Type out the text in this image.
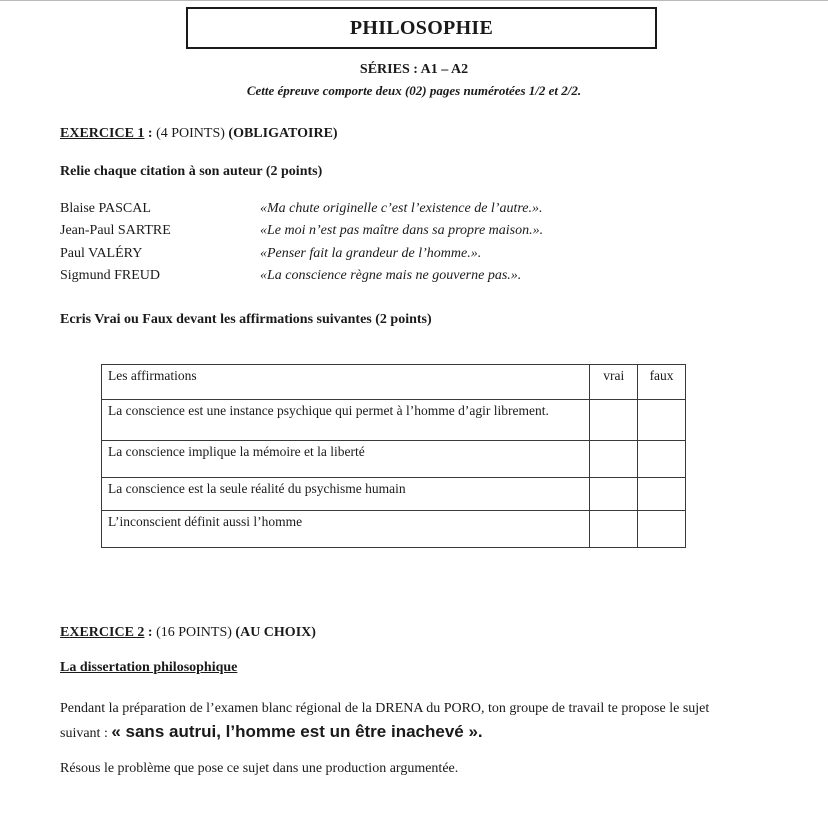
PHILOSOPHIE
SÉRIES : A1 – A2
Cette épreuve comporte deux (02) pages numérotées 1/2 et 2/2.
EXERCICE 1 : (4 POINTS) (OBLIGATOIRE)
Relie chaque citation à son auteur (2 points)
Blaise PASCAL	«Ma chute originelle c’est l’existence de l’autre.».
Jean-Paul SARTRE	«Le moi n’est pas maître dans sa propre maison.».
Paul VALÉRY	«Penser fait la grandeur de l’homme.».
Sigmund FREUD	«La conscience règne mais ne gouverne pas.».
Ecris Vrai ou Faux devant les affirmations suivantes (2 points)
Les affirmations	vrai	faux
La conscience est une instance psychique qui permet à l’homme d’agir librement.		
La conscience implique la mémoire et la liberté		
La conscience est la seule réalité du psychisme humain		
L’inconscient définit aussi l’homme		
EXERCICE 2 : (16 POINTS) (AU CHOIX)
La dissertation philosophique
Pendant la préparation de l’examen blanc régional de la DRENA du PORO, ton groupe de travail te propose le sujet suivant : « sans autrui, l’homme est un être inachevé ».
Résous le problème que pose ce sujet dans une production argumentée.
